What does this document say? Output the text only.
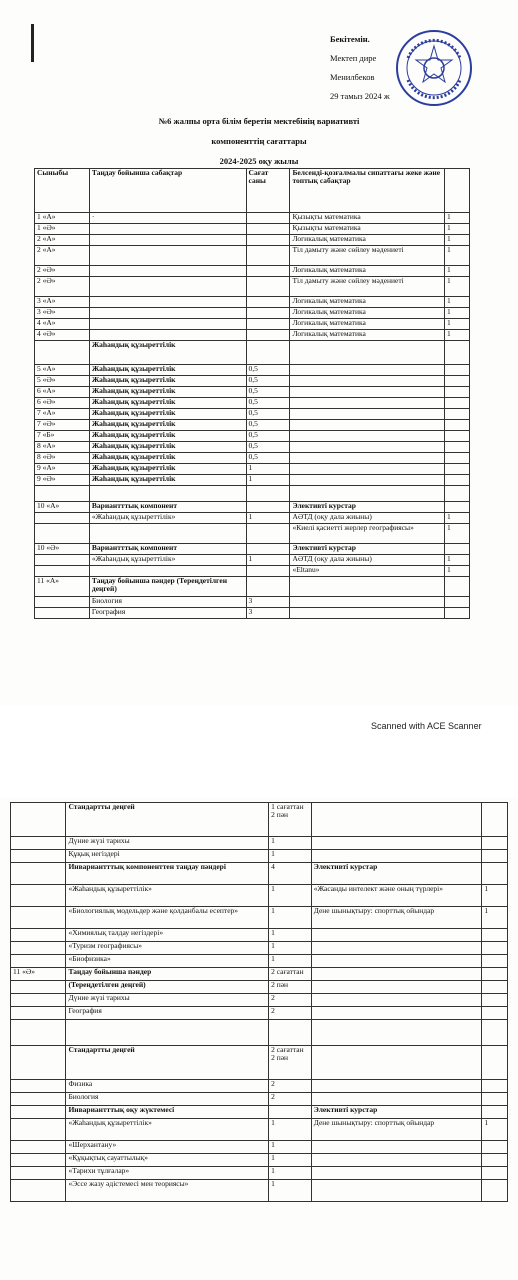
Бекітемін.
Мектеп дире
Менилбеков
29 тамыз 2024 ж
№6 жалпы орта білім беретін мектебінің вариативті
компоненттің сағаттары
2024-2025 оқу жылы
Сыныбы	Таңдау бойынша сабақтар	Сағат саны	Белсенді-қозғалмалы сипаттағы жеке және топтық сабақтар	
1 «А»	·		Қызықты математика	1
1 «Ә»			Қызықты математика	1
2 «А»			Логикалық математика	1
2 «А»			Тіл дамыту және сөйлеу мәдениеті	1
2 «Ә»			Логикалық математика	1
2 «Ә»			Тіл дамыту және сөйлеу мәдениеті	1
3 «А»			Логикалық математика	1
3 «Ә»			Логикалық математика	1
4 «А»			Логикалық математика	1
4 «Ә»			Логикалық математика	1
	Жаһандық құзыреттілік			
5 «А»	Жаһандық құзыреттілік	0,5		
5 «Ә»	Жаһандық құзыреттілік	0,5		
6 «А»	Жаһандық құзыреттілік	0,5		
6 «Ә»	Жаһандық құзыреттілік	0,5		
7 «А»	Жаһандық құзыреттілік	0,5		
7 «Ә»	Жаһандық құзыреттілік	0,5		
7 «Б»	Жаһандық құзыреттілік	0,5		
8 «А»	Жаһандық құзыреттілік	0,5		
8 «Ә»	Жаһандық құзыреттілік	0,5		
9 «А»	Жаһандық құзыреттілік	1		
9 «Ә»	Жаһандық құзыреттілік	1		

10 «А»	Вариантттық компонент		Элективті курстар	
	«Жаһандық құзыреттілік»	1	АӘТД (оқу дала жиыны)	1
			«Киелі қасиетті жерлер географиясы»	1
10 «Ә»	Вариантттық компонент		Элективті курстар	
	«Жаһандық құзыреттілік»	1	АӘТД (оқу дала жиыны)	1
			«Eltanu»	1
11 «А»	Таңдау бойынша пәндер (Тереңдетілген деңгей)			
	Биология	3		
	География	3		
Scanned with ACE Scanner
	Стандартты деңгей	1 сағаттан 2 пән		
	Дүние жүзі тарихы	1		
	Құқық негіздері	1		
	Инвариантттық компоненттен таңдау пәндері	4	Элективті курстар	
	«Жаһандық құзыреттілік»	1	«Жасанды интелект және оның түрлері»	1
	«Биологиялық модельдер және қолданбалы есептер»	1	Дене шынықтыру: спорттық ойындар	1
	«Химиялық талдау негіздері»	1		
	«Туризм географиясы»	1		
	«Биофизика»	1		
11 «Ә»	Таңдау бойынша пәндер	2 сағаттан		
	(Тереңдетілген деңгей)	2 пән		
	Дүние жүзі тарихы	2		
	География	2		

	Стандартты деңгей	2 сағаттан 2 пән		
	Физика	2		
	Биология	2		
	Инвариантттық оқу жүктемесі		Элективті курстар	
	«Жаһандық құзыреттілік»	1	Дене шынықтыру: спорттық ойындар	1
	«Шерхантану»	1		
	«Құқықтық сауаттылық»	1		
	«Тарихи тұлғалар»	1		
	«Эссе жазу әдістемесі мен теориясы»	1		
